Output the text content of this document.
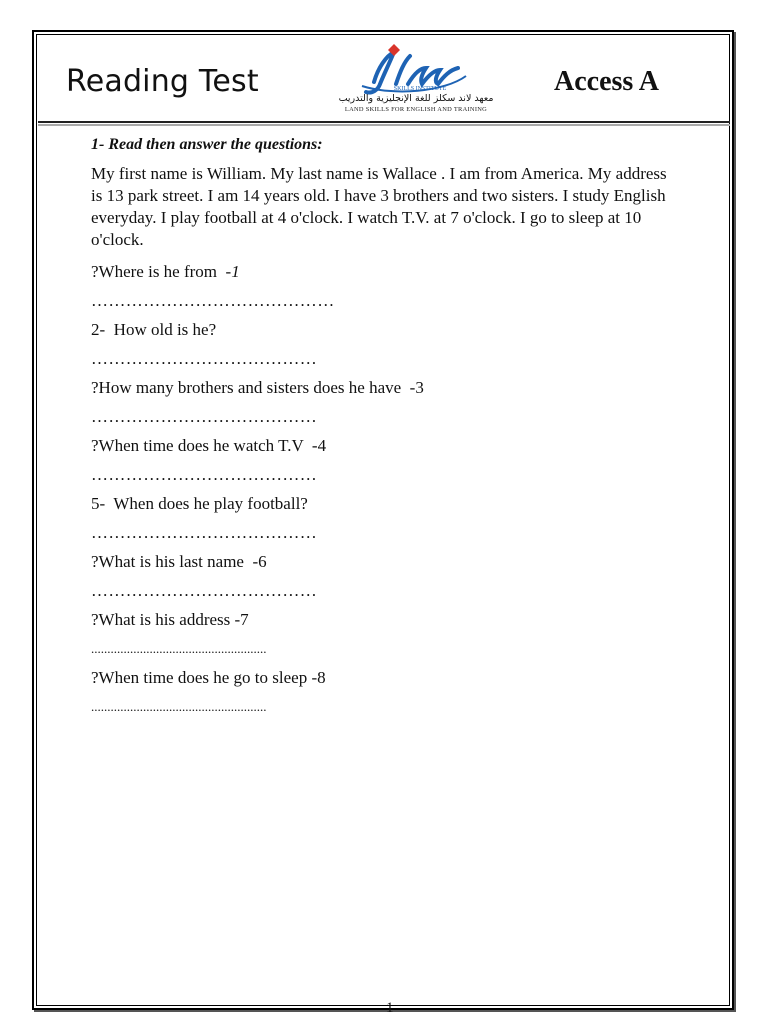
Reading Test	SKILLS INSTITUTE
معهد لاند سكلز للغة الإنجليزية والتدريب
LAND SKILLS FOR ENGLISH AND TRAINING
Access A
1- Read then answer the questions:
My first name is William. My last name is Wallace . I am from America. My address is 13 park street. I am 14 years old. I have 3 brothers and two sisters. I study English everyday. I play football at 4 o'clock. I watch T.V. at 7 o'clock. I go to sleep at 10 o'clock.
?Where is he from  -1
……………………………………
2-  How old is he?
…………………………………
?How many brothers and sisters does he have  -3
…………………………………
?When time does he watch T.V  -4
…………………………………
5-  When does he play football?
…………………………………
?What is his last name  -6
…………………………………
?What is his address -7
......................................................
?When time does he go to sleep -8
......................................................
1
